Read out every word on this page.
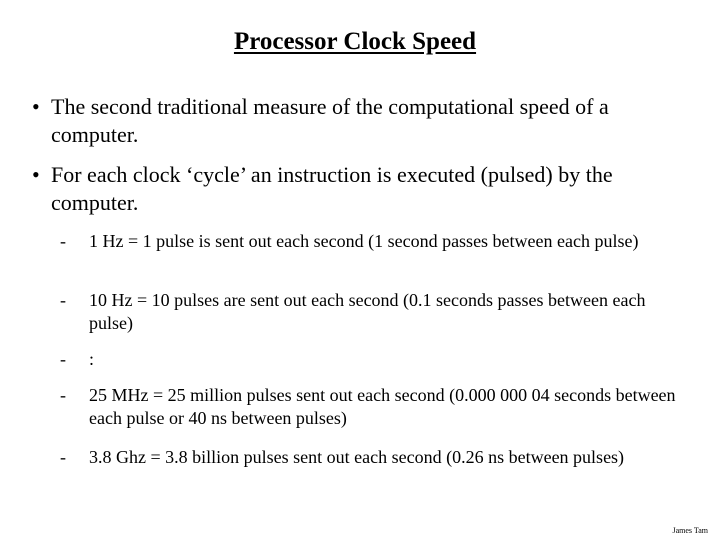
Processor Clock Speed
• The second traditional measure of the computational speed of a
computer.
• For each clock ‘cycle’ an instruction is executed (pulsed) by the
computer.
-	1 Hz = 1 pulse is sent out each second (1 second passes between each pulse)
-	10 Hz = 10 pulses are sent out each second (0.1 seconds passes between each pulse)
-	:
-	25 MHz = 25 million pulses sent out each second (0.000 000 04 seconds between each pulse or 40 ns between pulses)
-	3.8 Ghz = 3.8 billion pulses sent out each second (0.26 ns between pulses)
James Tam
